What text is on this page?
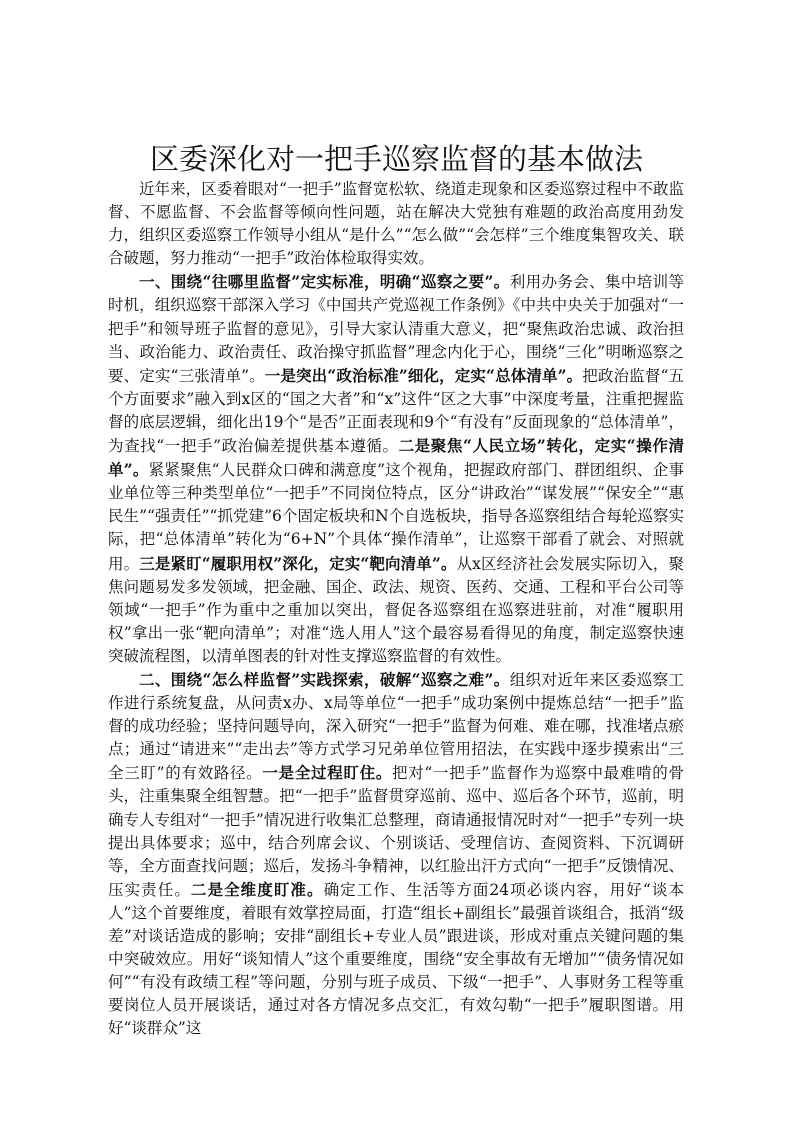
区委深化对一把手巡察监督的基本做法

近年来，区委着眼对“一把手”监督宽松软、绕道走现象和区委巡察过程中不敢监督、不愿监督、不会监督等倾向性问题，站在解决大党独有难题的政治高度用劲发力，组织区委巡察工作领导小组从“是什么”“怎么做”“会怎样”三个维度集智攻关、联合破题，努力推动“一把手”政治体检取得实效。

一、围绕“往哪里监督”定实标准，明确“巡察之要”。利用办务会、集中培训等时机，组织巡察干部深入学习《中国共产党巡视工作条例》《中共中央关于加强对“一把手”和领导班子监督的意见》，引导大家认清重大意义，把“聚焦政治忠诚、政治担当、政治能力、政治责任、政治操守抓监督”理念内化于心，围绕“三化”明晰巡察之要、定实“三张清单”。一是突出“政治标准”细化，定实“总体清单”。把政治监督“五个方面要求”融入到x区的“国之大者”和“x”这件“区之大事”中深度考量，注重把握监督的底层逻辑，细化出19个“是否”正面表现和9个“有没有”反面现象的“总体清单”，为查找“一把手”政治偏差提供基本遵循。二是聚焦“人民立场”转化，定实“操作清单”。紧紧聚焦“人民群众口碑和满意度”这个视角，把握政府部门、群团组织、企事业单位等三种类型单位“一把手”不同岗位特点，区分“讲政治”“谋发展”“保安全”“惠民生”“强责任”“抓党建”6个固定板块和N个自选板块，指导各巡察组结合每轮巡察实际，把“总体清单”转化为“6+N”个具体“操作清单”，让巡察干部看了就会、对照就用。三是紧盯“履职用权”深化，定实“靶向清单”。从x区经济社会发展实际切入，聚焦问题易发多发领域，把金融、国企、政法、规资、医药、交通、工程和平台公司等领域“一把手”作为重中之重加以突出，督促各巡察组在巡察进驻前，对准“履职用权”拿出一张“靶向清单”；对准“选人用人”这个最容易看得见的角度，制定巡察快速突破流程图，以清单图表的针对性支撑巡察监督的有效性。

二、围绕“怎么样监督”实践探索，破解“巡察之难”。组织对近年来区委巡察工作进行系统复盘，从问责x办、x局等单位“一把手”成功案例中提炼总结“一把手”监督的成功经验；坚持问题导向，深入研究“一把手”监督为何难、难在哪，找准堵点瘀点；通过“请进来”“走出去”等方式学习兄弟单位管用招法，在实践中逐步摸索出“三全三盯”的有效路径。一是全过程盯住。把对“一把手”监督作为巡察中最难啃的骨头，注重集聚全组智慧。把“一把手”监督贯穿巡前、巡中、巡后各个环节，巡前，明确专人专组对“一把手”情况进行收集汇总整理，商请通报情况时对“一把手”专列一块提出具体要求；巡中，结合列席会议、个别谈话、受理信访、查阅资料、下沉调研等，全方面查找问题；巡后，发扬斗争精神，以红脸出汗方式向“一把手”反馈情况、压实责任。二是全维度盯准。确定工作、生活等方面24项必谈内容，用好“谈本人”这个首要维度，着眼有效掌控局面，打造“组长+副组长”最强首谈组合，抵消“级差”对谈话造成的影响；安排“副组长+专业人员”跟进谈，形成对重点关键问题的集中突破效应。用好“谈知情人”这个重要维度，围绕“安全事故有无增加”“债务情况如何”“有没有政绩工程”等问题，分别与班子成员、下级“一把手”、人事财务工程等重要岗位人员开展谈话，通过对各方情况多点交汇，有效勾勒“一把手”履职图谱。用好“谈群众”这
